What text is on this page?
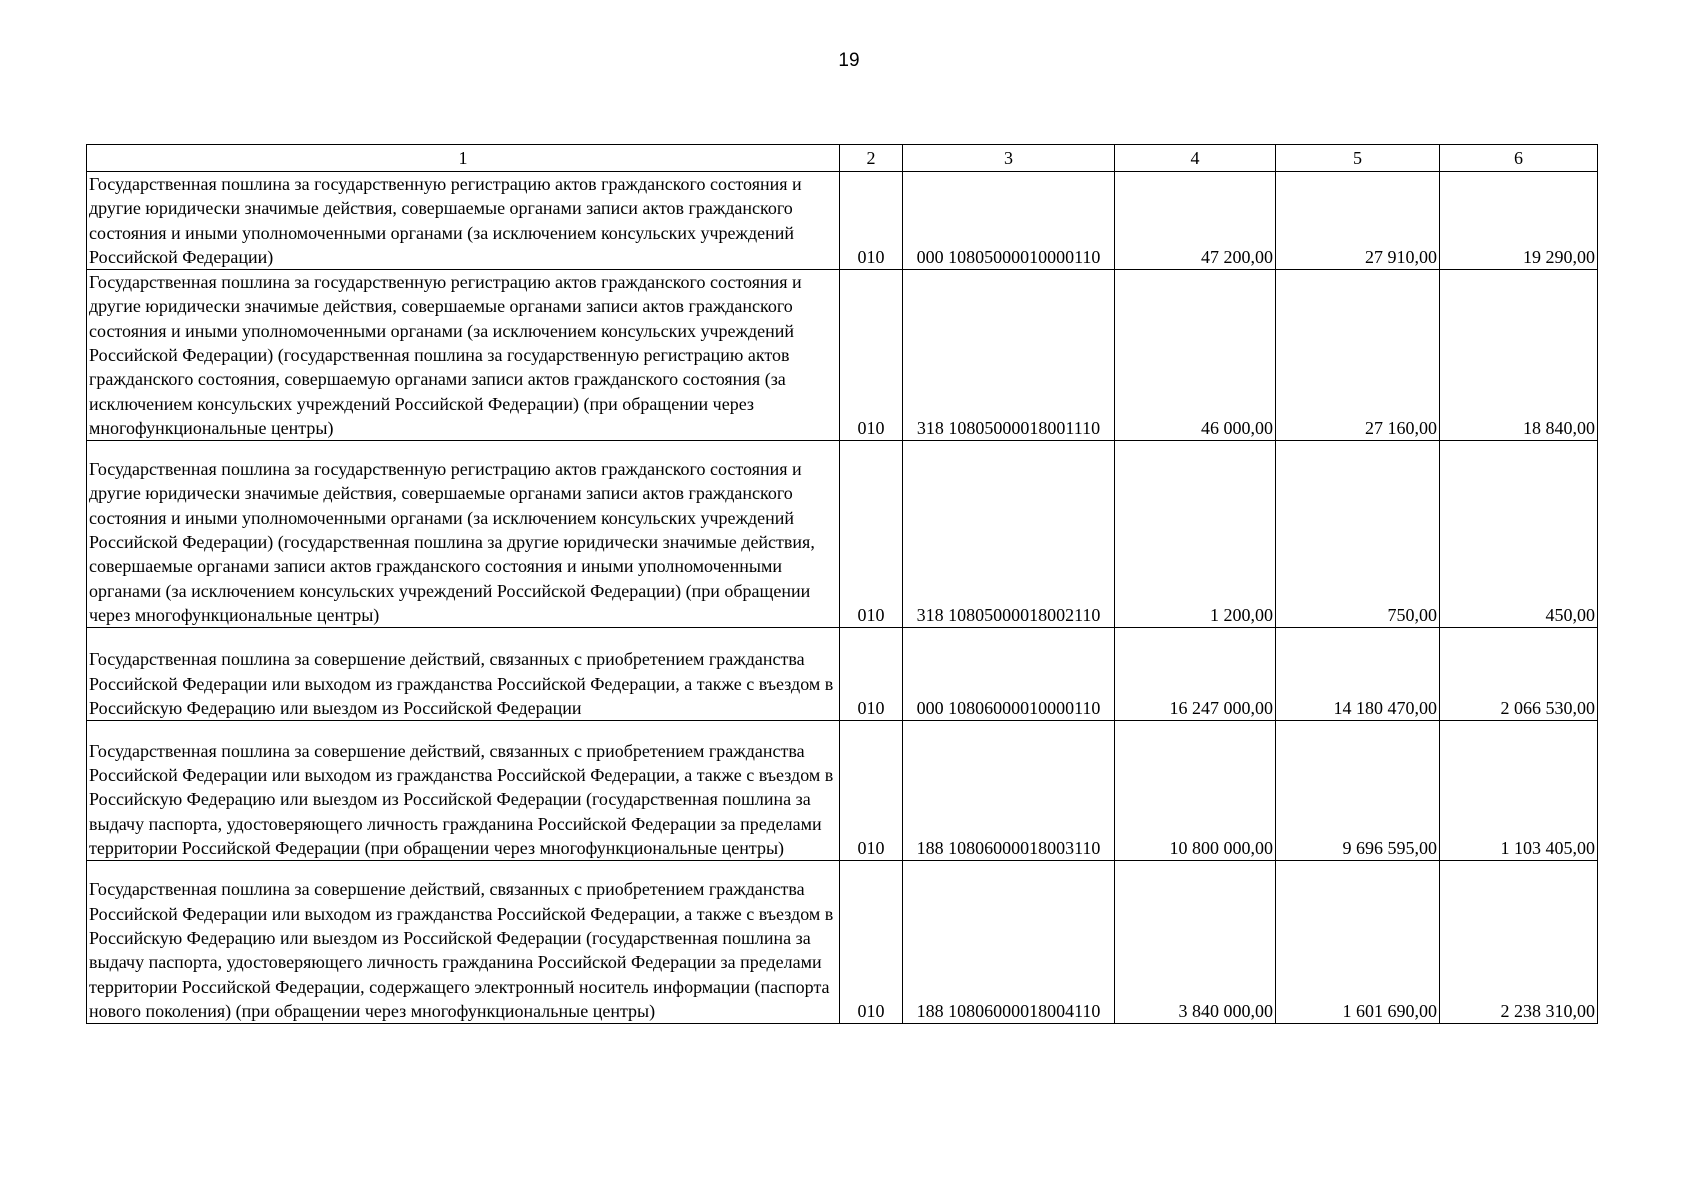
19
1	2	3	4	5	6
Государственная пошлина за государственную регистрацию актов гражданского состояния и другие юридически значимые действия, совершаемые органами записи актов гражданского состояния и иными уполномоченными органами (за исключением консульских учреждений Российской Федерации)	010	000 10805000010000110	47 200,00	27 910,00	19 290,00
Государственная пошлина за государственную регистрацию актов гражданского состояния и другие юридически значимые действия, совершаемые органами записи актов гражданского состояния и иными уполномоченными органами (за исключением консульских учреждений Российской Федерации) (государственная пошлина за государственную регистрацию актов гражданского состояния, совершаемую органами записи актов гражданского состояния (за исключением консульских учреждений Российской Федерации) (при обращении через многофункциональные центры)	010	318 10805000018001110	46 000,00	27 160,00	18 840,00
Государственная пошлина за государственную регистрацию актов гражданского состояния и другие юридически значимые действия, совершаемые органами записи актов гражданского состояния и иными уполномоченными органами (за исключением консульских учреждений Российской Федерации) (государственная пошлина за другие юридически значимые действия, совершаемые органами записи актов гражданского состояния и иными уполномоченными органами (за исключением консульских учреждений Российской Федерации) (при обращении через многофункциональные центры)	010	318 10805000018002110	1 200,00	750,00	450,00
Государственная пошлина за совершение действий, связанных с приобретением гражданства Российской Федерации или выходом из гражданства Российской Федерации, а также с въездом в Российскую Федерацию или выездом из Российской Федерации	010	000 10806000010000110	16 247 000,00	14 180 470,00	2 066 530,00
Государственная пошлина за совершение действий, связанных с приобретением гражданства Российской Федерации или выходом из гражданства Российской Федерации, а также с въездом в Российскую Федерацию или выездом из Российской Федерации (государственная пошлина за выдачу паспорта, удостоверяющего личность гражданина Российской Федерации за пределами территории Российской Федерации (при обращении через многофункциональные центры)	010	188 10806000018003110	10 800 000,00	9 696 595,00	1 103 405,00
Государственная пошлина за совершение действий, связанных с приобретением гражданства Российской Федерации или выходом из гражданства Российской Федерации, а также с въездом в Российскую Федерацию или выездом из Российской Федерации (государственная пошлина за выдачу паспорта, удостоверяющего личность гражданина Российской Федерации за пределами территории Российской Федерации, содержащего электронный носитель информации (паспорта нового поколения) (при обращении через многофункциональные центры)	010	188 10806000018004110	3 840 000,00	1 601 690,00	2 238 310,00
